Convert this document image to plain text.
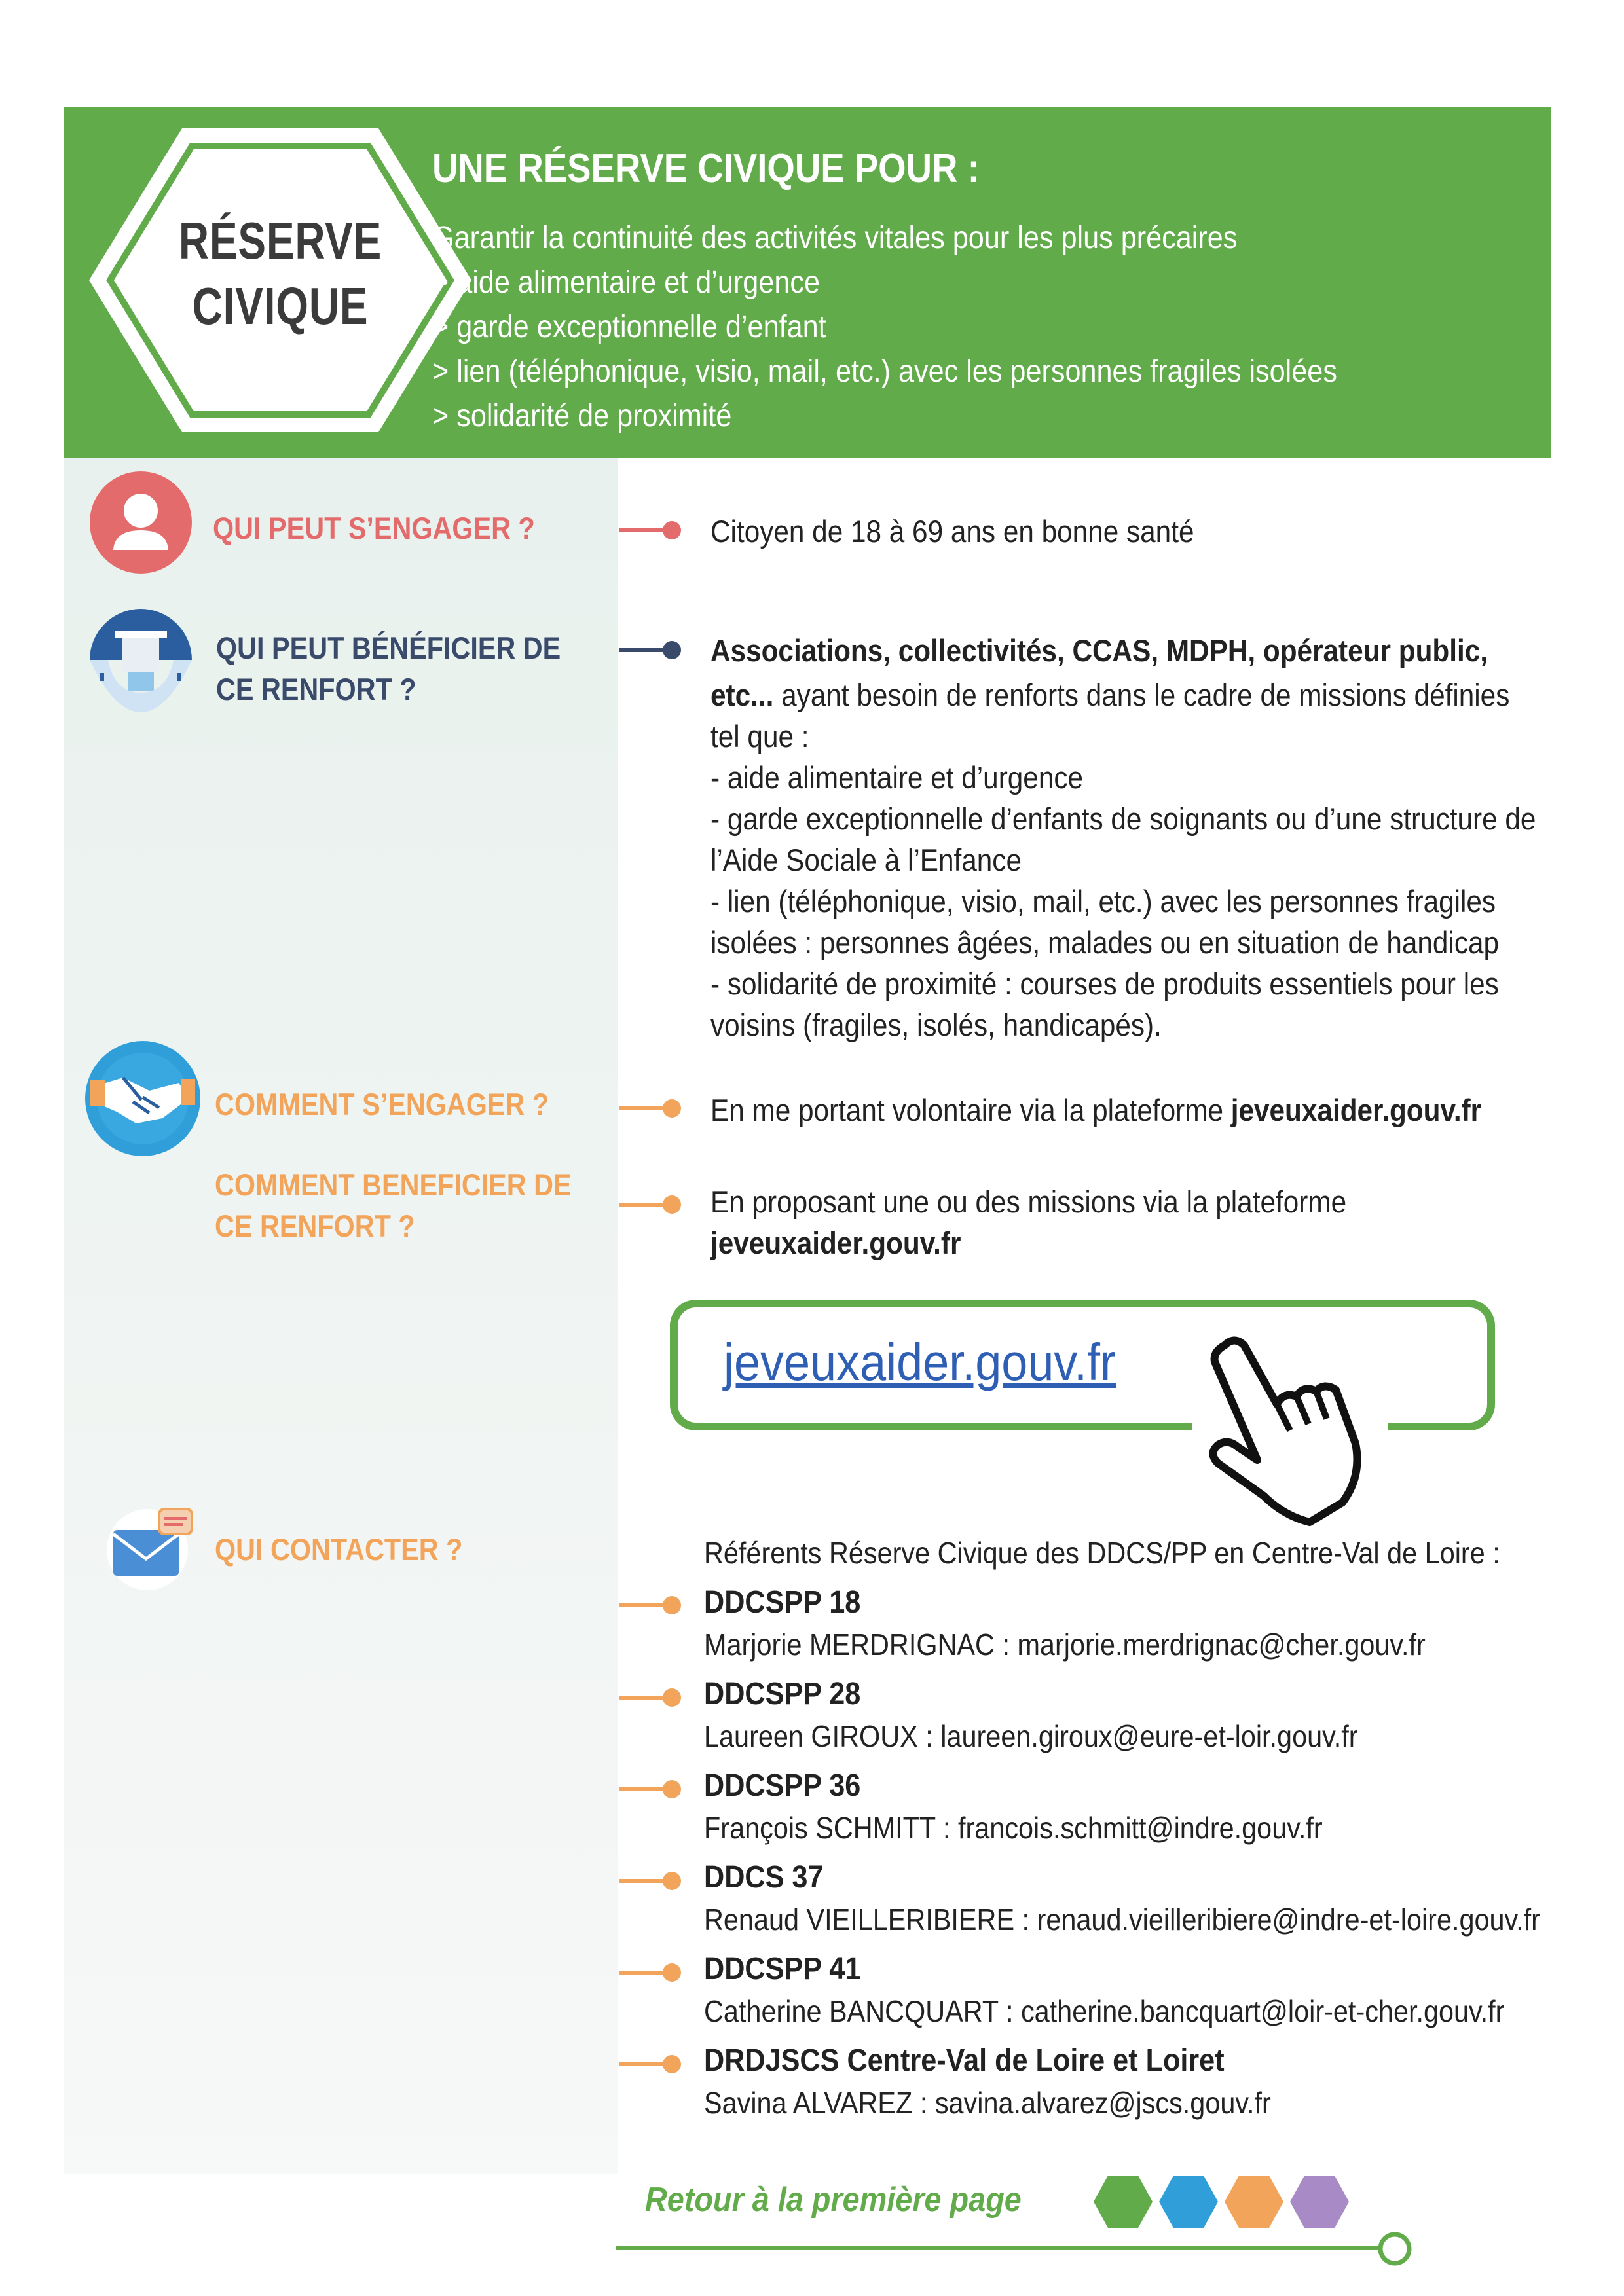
RÉSERVE
CIVIQUE
UNE RÉSERVE CIVIQUE POUR :
Garantir la continuité des activités vitales pour les plus précaires
> aide alimentaire et d’urgence
> garde exceptionnelle d’enfant
> lien (téléphonique, visio, mail, etc.) avec les personnes fragiles isolées
> solidarité de proximité
QUI PEUT S’ENGAGER ?	Citoyen de 18 à 69 ans en bonne santé
QUI PEUT BÉNÉFICIER DE
CE RENFORT ?
Associations, collectivités, CCAS, MDPH, opérateur public,
etc... ayant besoin de renforts dans le cadre de missions définies
tel que :
- aide alimentaire et d’urgence
- garde exceptionnelle d’enfants de soignants ou d’une structure de
l’Aide Sociale à l’Enfance
- lien (téléphonique, visio, mail, etc.) avec les personnes fragiles
isolées : personnes âgées, malades ou en situation de handicap
- solidarité de proximité : courses de produits essentiels pour les
voisins (fragiles, isolés, handicapés).
COMMENT S’ENGAGER ?	En me portant volontaire via la plateforme jeveuxaider.gouv.fr
COMMENT BENEFICIER DE
CE RENFORT ?
En proposant une ou des missions via la plateforme
jeveuxaider.gouv.fr
jeveuxaider.gouv.fr
QUI CONTACTER ?	Référents Réserve Civique des DDCS/PP en Centre-Val de Loire :
DDCSPP 18
Marjorie MERDRIGNAC : marjorie.merdrignac@cher.gouv.fr
DDCSPP 28
Laureen GIROUX : laureen.giroux@eure-et-loir.gouv.fr
DDCSPP 36
François SCHMITT : francois.schmitt@indre.gouv.fr
DDCS 37
Renaud VIEILLERIBIERE : renaud.vieilleribiere@indre-et-loire.gouv.fr
DDCSPP 41
Catherine BANCQUART : catherine.bancquart@loir-et-cher.gouv.fr
DRDJSCS Centre-Val de Loire et Loiret
Savina ALVAREZ : savina.alvarez@jscs.gouv.fr
Retour à la première page
